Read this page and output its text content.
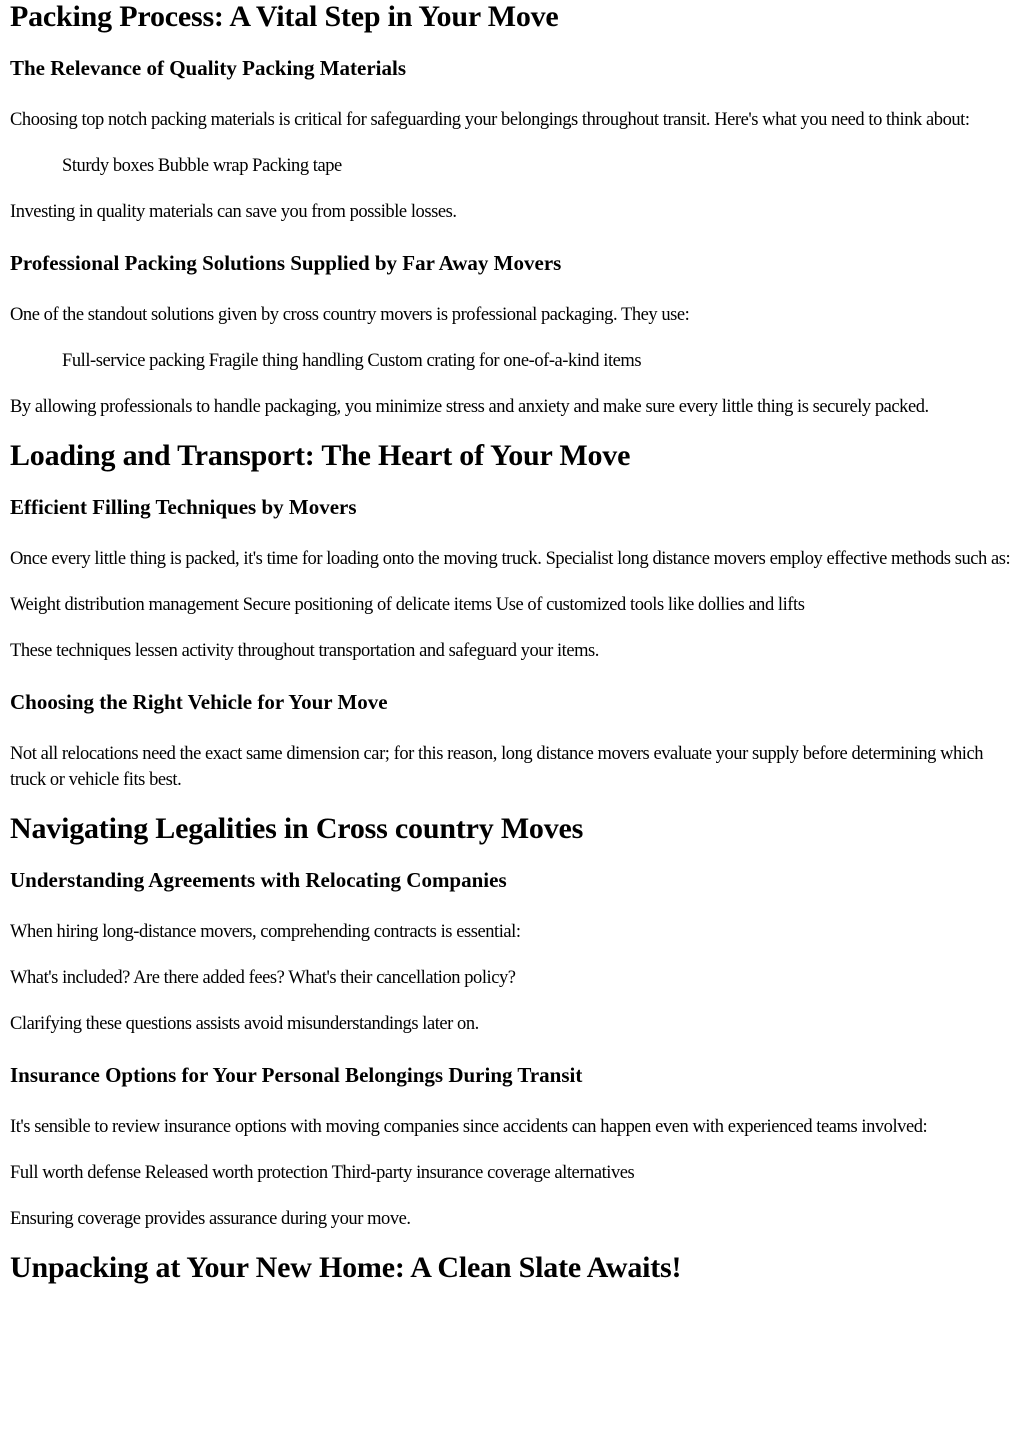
Packing Process: A Vital Step in Your Move
The Relevance of Quality Packing Materials

Choosing top notch packing materials is critical for safeguarding your belongings throughout transit. Here's what you need to think about:

Sturdy boxes Bubble wrap Packing tape

Investing in quality materials can save you from possible losses.

Professional Packing Solutions Supplied by Far Away Movers

One of the standout solutions given by cross country movers is professional packaging. They use:

Full-service packing Fragile thing handling Custom crating for one-of-a-kind items

By allowing professionals to handle packaging, you minimize stress and anxiety and make sure every little thing is securely packed.

Loading and Transport: The Heart of Your Move
Efficient Filling Techniques by Movers

Once every little thing is packed, it's time for loading onto the moving truck. Specialist long distance movers employ effective methods such as:

Weight distribution management Secure positioning of delicate items Use of customized tools like dollies and lifts

These techniques lessen activity throughout transportation and safeguard your items.

Choosing the Right Vehicle for Your Move

Not all relocations need the exact same dimension car; for this reason, long distance movers evaluate your supply before determining which truck or vehicle fits best.

Navigating Legalities in Cross country Moves
Understanding Agreements with Relocating Companies

When hiring long-distance movers, comprehending contracts is essential:

What's included? Are there added fees? What's their cancellation policy?

Clarifying these questions assists avoid misunderstandings later on.

Insurance Options for Your Personal Belongings During Transit

It's sensible to review insurance options with moving companies since accidents can happen even with experienced teams involved:

Full worth defense Released worth protection Third-party insurance coverage alternatives

Ensuring coverage provides assurance during your move.

Unpacking at Your New Home: A Clean Slate Awaits!
